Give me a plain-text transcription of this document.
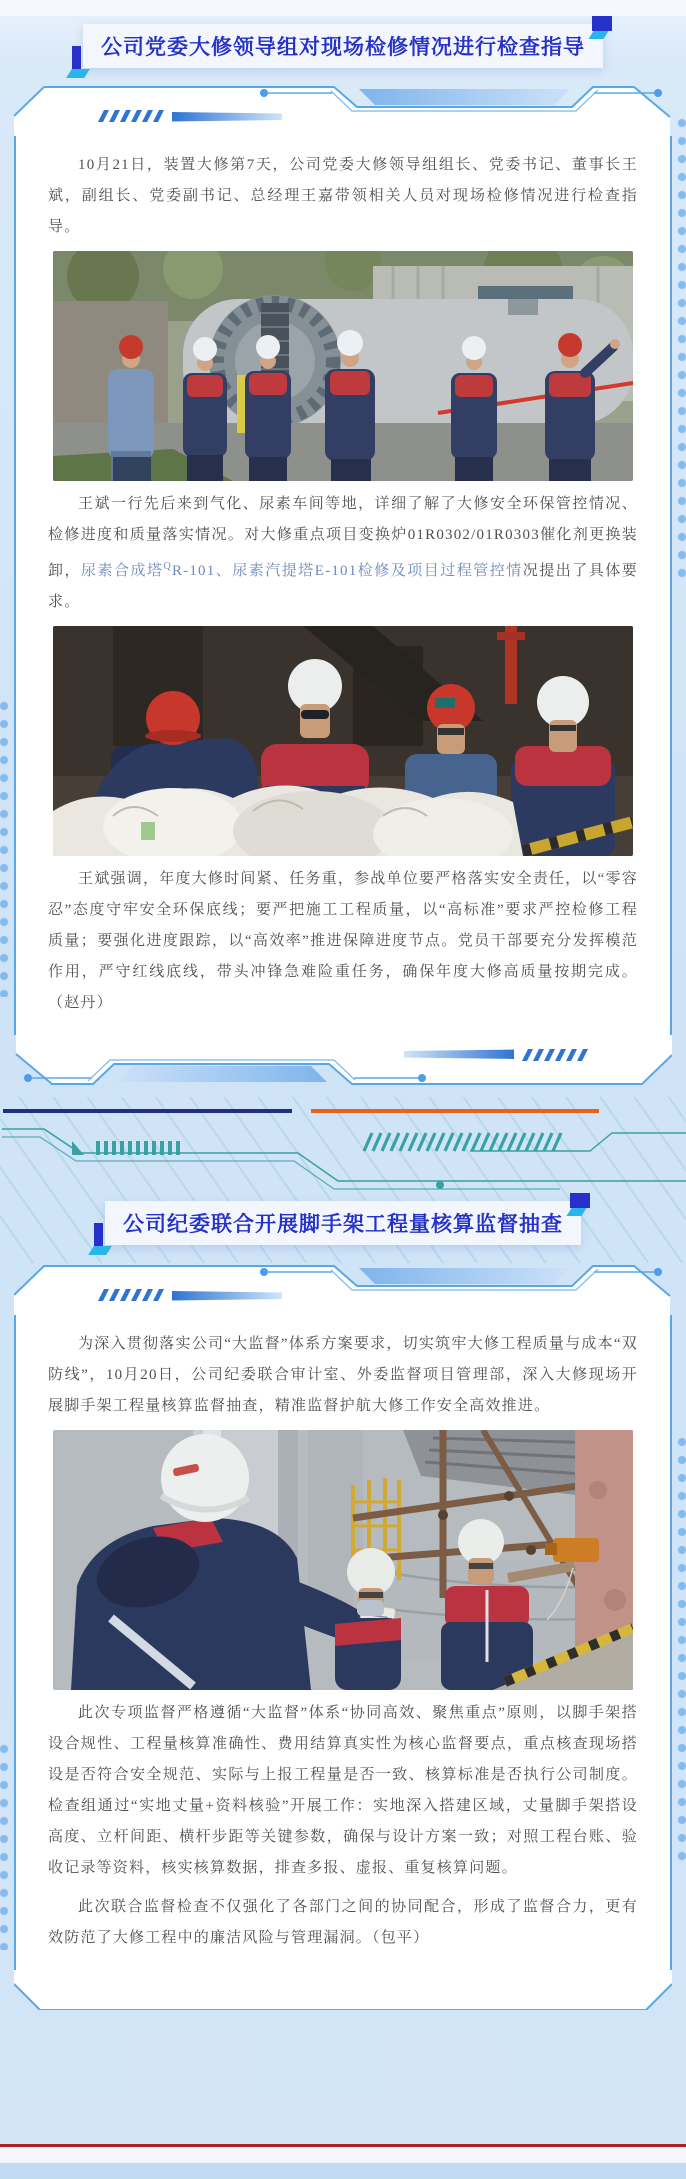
公司党委大修领导组对现场检修情况进行检查指导

10月21日，装置大修第7天，公司党委大修领导组组长、党委书记、董事长王斌，副组长、党委副书记、总经理王嘉带领相关人员对现场检修情况进行检查指导。

王斌一行先后来到气化、尿素车间等地，详细了解了大修安全环保管控情况、检修进度和质量落实情况。对大修重点项目变换炉01R0302/01R0303催化剂更换装卸，尿素合成塔$^Q$R-101、尿素汽提塔E-101检修及项目过程管控情况提出了具体要求。

王斌强调，年度大修时间紧、任务重，参战单位要严格落实安全责任，以“零容忍”态度守牢安全环保底线；要严把施工工程质量，以“高标准”要求严控检修工程质量；要强化进度跟踪，以“高效率”推进保障进度节点。党员干部要充分发挥模范作用，严守红线底线，带头冲锋急难险重任务，确保年度大修高质量按期完成。（赵丹）

公司纪委联合开展脚手架工程量核算监督抽查

为深入贯彻落实公司“大监督”体系方案要求，切实筑牢大修工程质量与成本“双防线”，10月20日，公司纪委联合审计室、外委监督项目管理部，深入大修现场开展脚手架工程量核算监督抽查，精准监督护航大修工作安全高效推进。

此次专项监督严格遵循“大监督”体系“协同高效、聚焦重点”原则，以脚手架搭设合规性、工程量核算准确性、费用结算真实性为核心监督要点，重点核查现场搭设是否符合安全规范、实际与上报工程量是否一致、核算标准是否执行公司制度。检查组通过“实地丈量+资料核验”开展工作：实地深入搭建区域，丈量脚手架搭设高度、立杆间距、横杆步距等关键参数，确保与设计方案一致；对照工程台账、验收记录等资料，核实核算数据，排查多报、虚报、重复核算问题。

此次联合监督检查不仅强化了各部门之间的协同配合，形成了监督合力，更有效防范了大修工程中的廉洁风险与管理漏洞。（包平）
